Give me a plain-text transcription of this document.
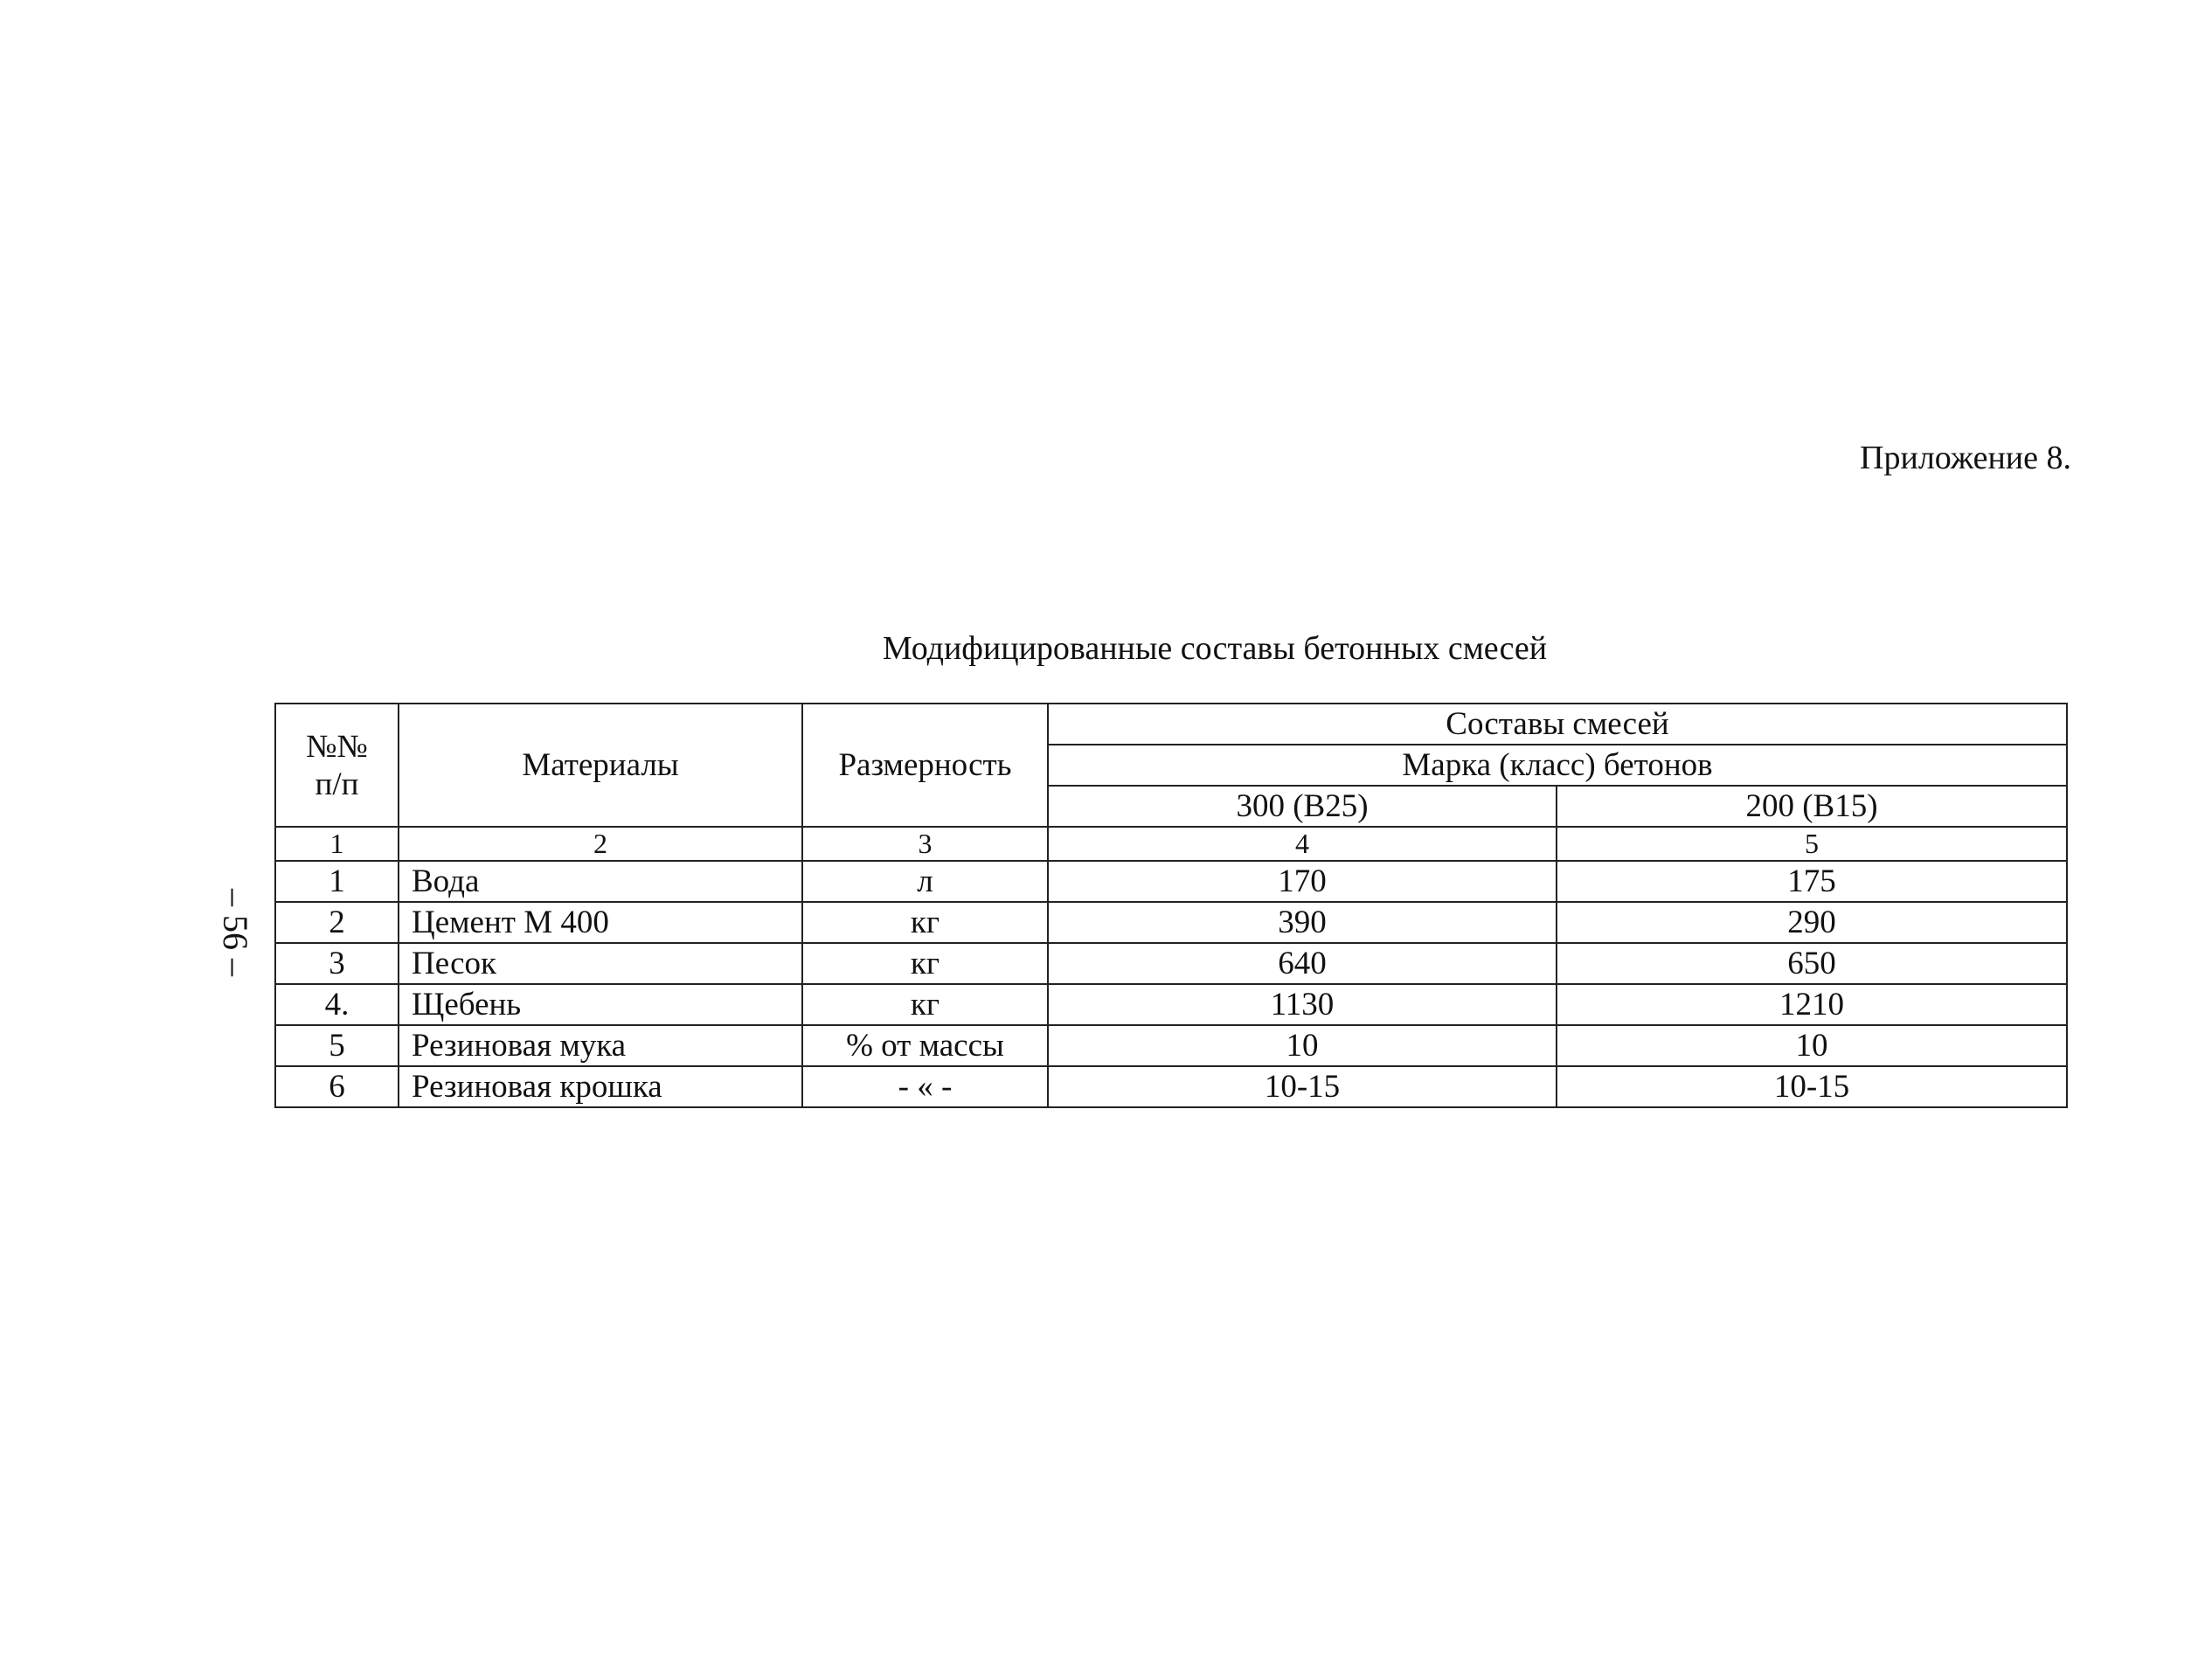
Приложение 8.
Модифицированные составы бетонных смесей
– 56 –
№№
п/п	Материалы	Размерность	Составы смесей	
			Марка (класс) бетонов	
			300 (В25)	200 (В15)
1	2	3	4	5
1	Вода	л	170	175
2	Цемент М 400	кг	390	290
3	Песок	кг	640	650
4.	Щебень	кг	1130	1210
5	Резиновая мука	% от массы	10	10
6	Резиновая крошка	- « -	10-15	10-15
